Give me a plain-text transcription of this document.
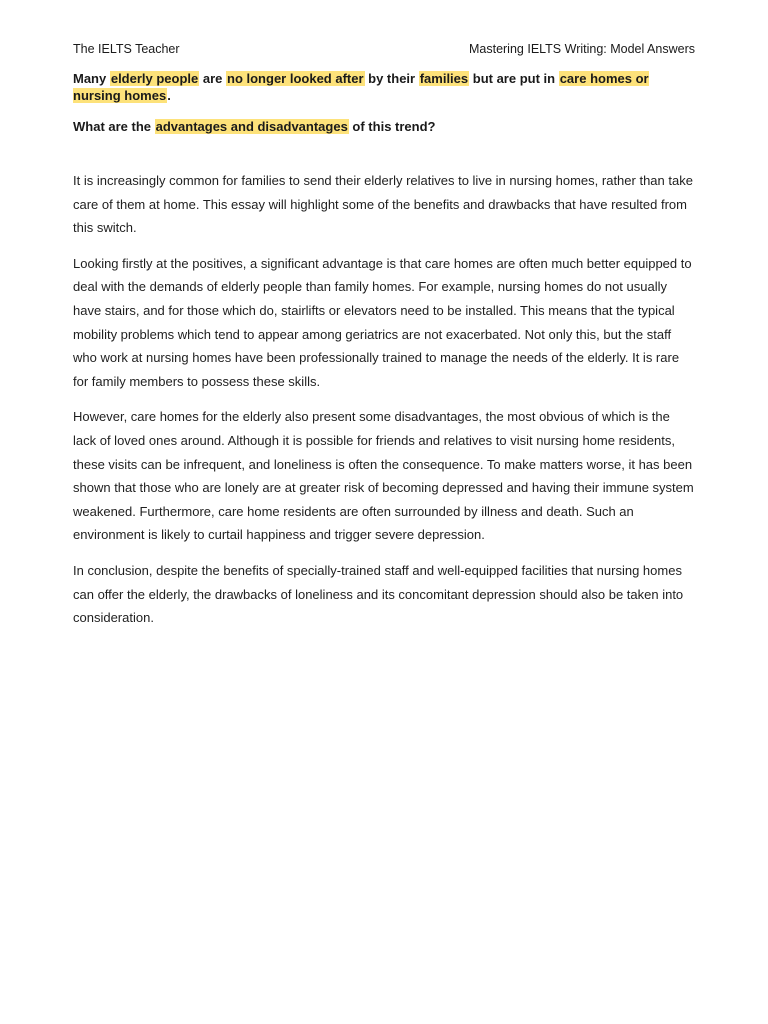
The IELTS Teacher	Mastering IELTS Writing: Model Answers
Many elderly people are no longer looked after by their families but are put in care homes or nursing homes.
What are the advantages and disadvantages of this trend?

It is increasingly common for families to send their elderly relatives to live in nursing homes, rather than take care of them at home. This essay will highlight some of the benefits and drawbacks that have resulted from this switch.

Looking firstly at the positives, a significant advantage is that care homes are often much better equipped to deal with the demands of elderly people than family homes. For example, nursing homes do not usually have stairs, and for those which do, stairlifts or elevators need to be installed. This means that the typical mobility problems which tend to appear among geriatrics are not exacerbated. Not only this, but the staff who work at nursing homes have been professionally trained to manage the needs of the elderly. It is rare for family members to possess these skills.

However, care homes for the elderly also present some disadvantages, the most obvious of which is the lack of loved ones around. Although it is possible for friends and relatives to visit nursing home residents, these visits can be infrequent, and loneliness is often the consequence. To make matters worse, it has been shown that those who are lonely are at greater risk of becoming depressed and having their immune system weakened. Furthermore, care home residents are often surrounded by illness and death. Such an environment is likely to curtail happiness and trigger severe depression.

In conclusion, despite the benefits of specially-trained staff and well-equipped facilities that nursing homes can offer the elderly, the drawbacks of loneliness and its concomitant depression should also be taken into consideration.
